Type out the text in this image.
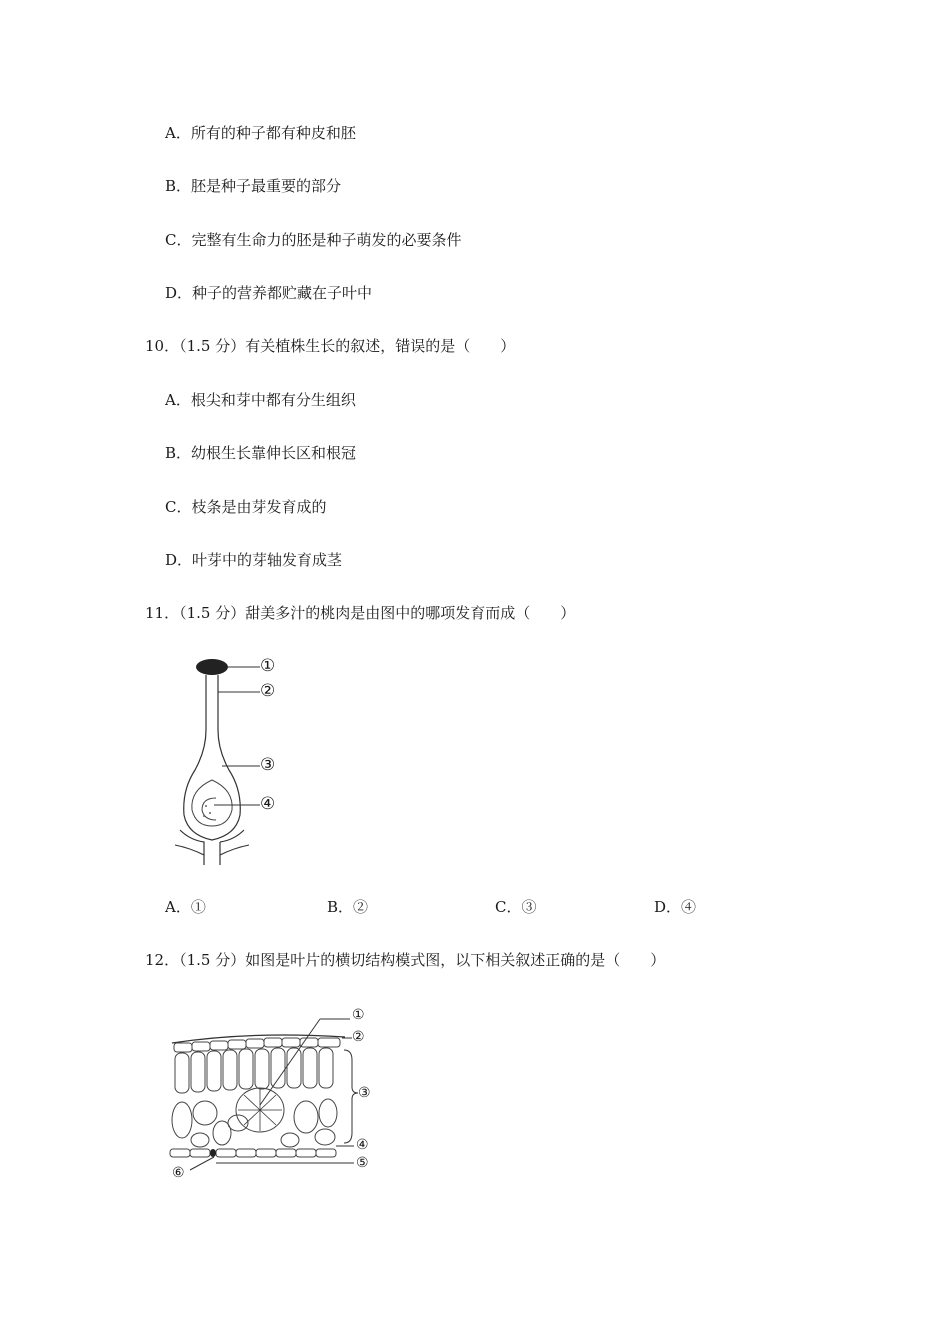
A．所有的种子都有种皮和胚
B．胚是种子最重要的部分
C．完整有生命力的胚是种子萌发的必要条件
D．种子的营养都贮藏在子叶中
10．（1.5 分）有关植株生长的叙述，错误的是（　　）
A．根尖和芽中都有分生组织
B．幼根生长靠伸长区和根冠
C．枝条是由芽发育成的
D．叶芽中的芽轴发育成茎
11．（1.5 分）甜美多汁的桃肉是由图中的哪项发育而成（　　）
①
②
③
④
A．①	B．②	C．③	D．④
12．（1.5 分）如图是叶片的横切结构模式图，以下相关叙述正确的是（　　）
①
②
③
④
⑤
⑥
